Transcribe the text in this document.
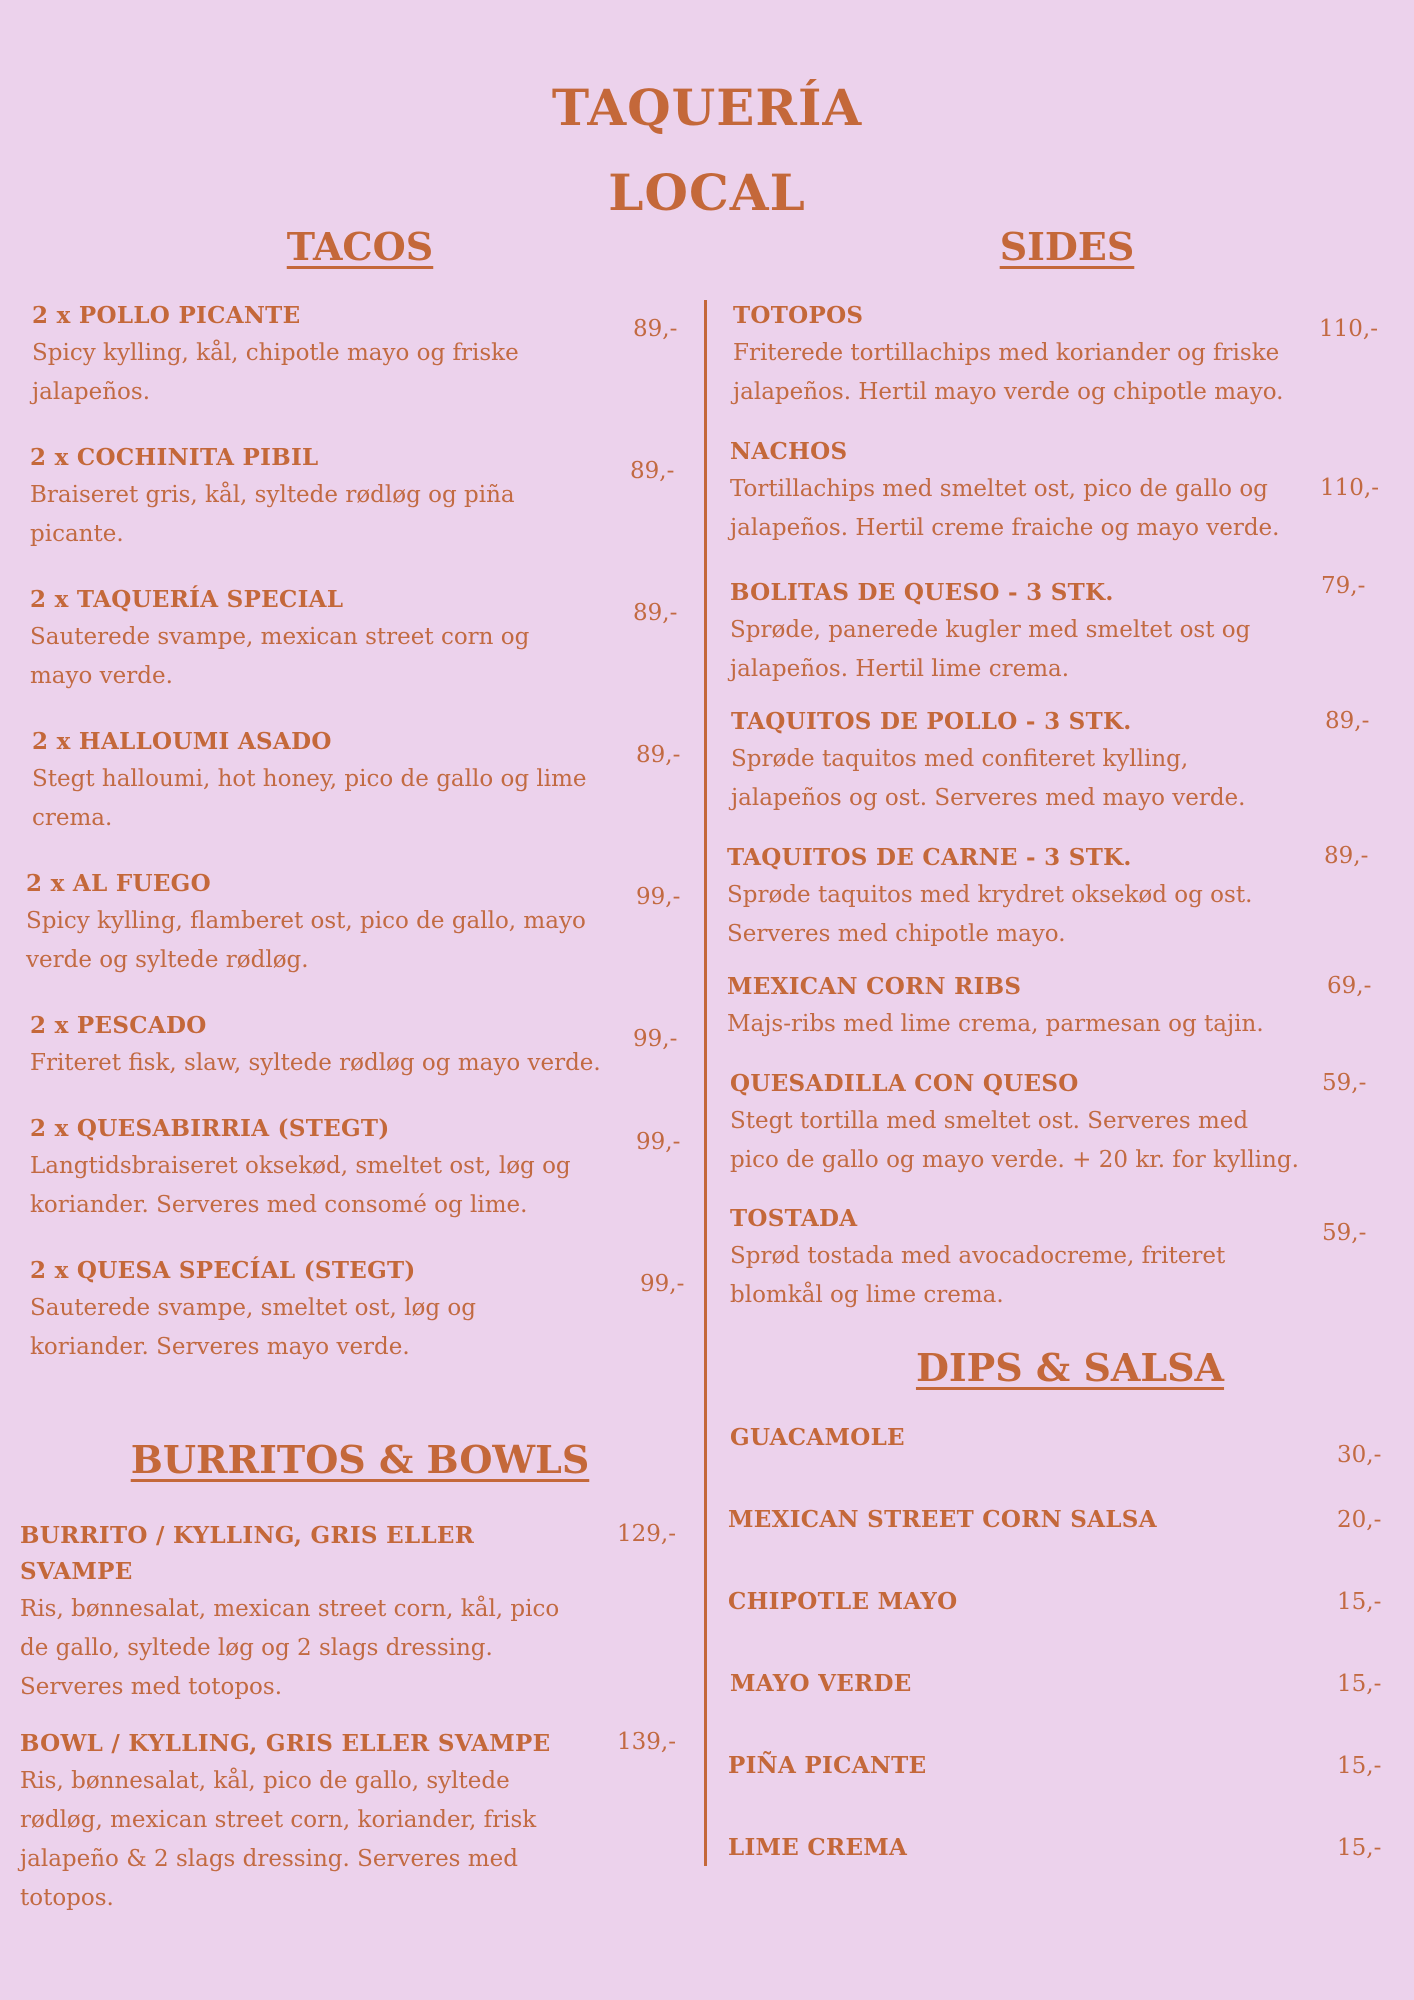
TAQUERÍA
LOCAL
TACOS	SIDES
BURRITOS & BOWLS
DIPS & SALSA
2 x POLLO PICANTE
Spicy kylling, kål, chipotle mayo og friske jalapeños.
89,-
2 x COCHINITA PIBIL
Braiseret gris, kål, syltede rødløg og piña picante.
89,-
2 x TAQUERÍA SPECIAL
Sauterede svampe, mexican street corn og mayo verde.
89,-
2 x HALLOUMI ASADO
Stegt halloumi, hot honey, pico de gallo og lime crema.
89,-
2 x AL FUEGO
Spicy kylling, flamberet ost, pico de gallo, mayo verde og syltede rødløg.
99,-
2 x PESCADO
Friteret fisk, slaw, syltede rødløg og mayo verde.
99,-
2 x QUESABIRRIA (STEGT)
Langtidsbraiseret oksekød, smeltet ost, løg og koriander. Serveres med consomé og lime.
99,-
2 x QUESA SPECÍAL (STEGT)
Sauterede svampe, smeltet ost, løg og koriander. Serveres mayo verde.
99,-
BURRITO / KYLLING, GRIS ELLER SVAMPE
Ris, bønnesalat, mexican street corn, kål, pico de gallo, syltede løg og 2 slags dressing. Serveres med totopos.
129,-
BOWL / KYLLING, GRIS ELLER SVAMPE
Ris, bønnesalat, kål, pico de gallo, syltede rødløg, mexican street corn, koriander, frisk jalapeño & 2 slags dressing. Serveres med totopos.
139,-
TOTOPOS
Friterede tortillachips med koriander og friske jalapeños. Hertil mayo verde og chipotle mayo.
110,-
NACHOS
Tortillachips med smeltet ost, pico de gallo og jalapeños. Hertil creme fraiche og mayo verde.
110,-
BOLITAS DE QUESO - 3 STK.
Sprøde, panerede kugler med smeltet ost og jalapeños. Hertil lime crema.
79,-
TAQUITOS DE POLLO - 3 STK.
Sprøde taquitos med confiteret kylling, jalapeños og ost. Serveres med mayo verde.
89,-
TAQUITOS DE CARNE - 3 STK.
Sprøde taquitos med krydret oksekød og ost. Serveres med chipotle mayo.
89,-
MEXICAN CORN RIBS
Majs-ribs med lime crema, parmesan og tajin.
69,-
QUESADILLA CON QUESO
Stegt tortilla med smeltet ost. Serveres med pico de gallo og mayo verde. + 20 kr. for kylling.
59,-
TOSTADA
Sprød tostada med avocadocreme, friteret blomkål og lime crema.
59,-
GUACAMOLE
30,-
MEXICAN STREET CORN SALSA	20,-
CHIPOTLE MAYO	15,-
MAYO VERDE	15,-
PIÑA PICANTE	15,-
LIME CREMA	15,-
